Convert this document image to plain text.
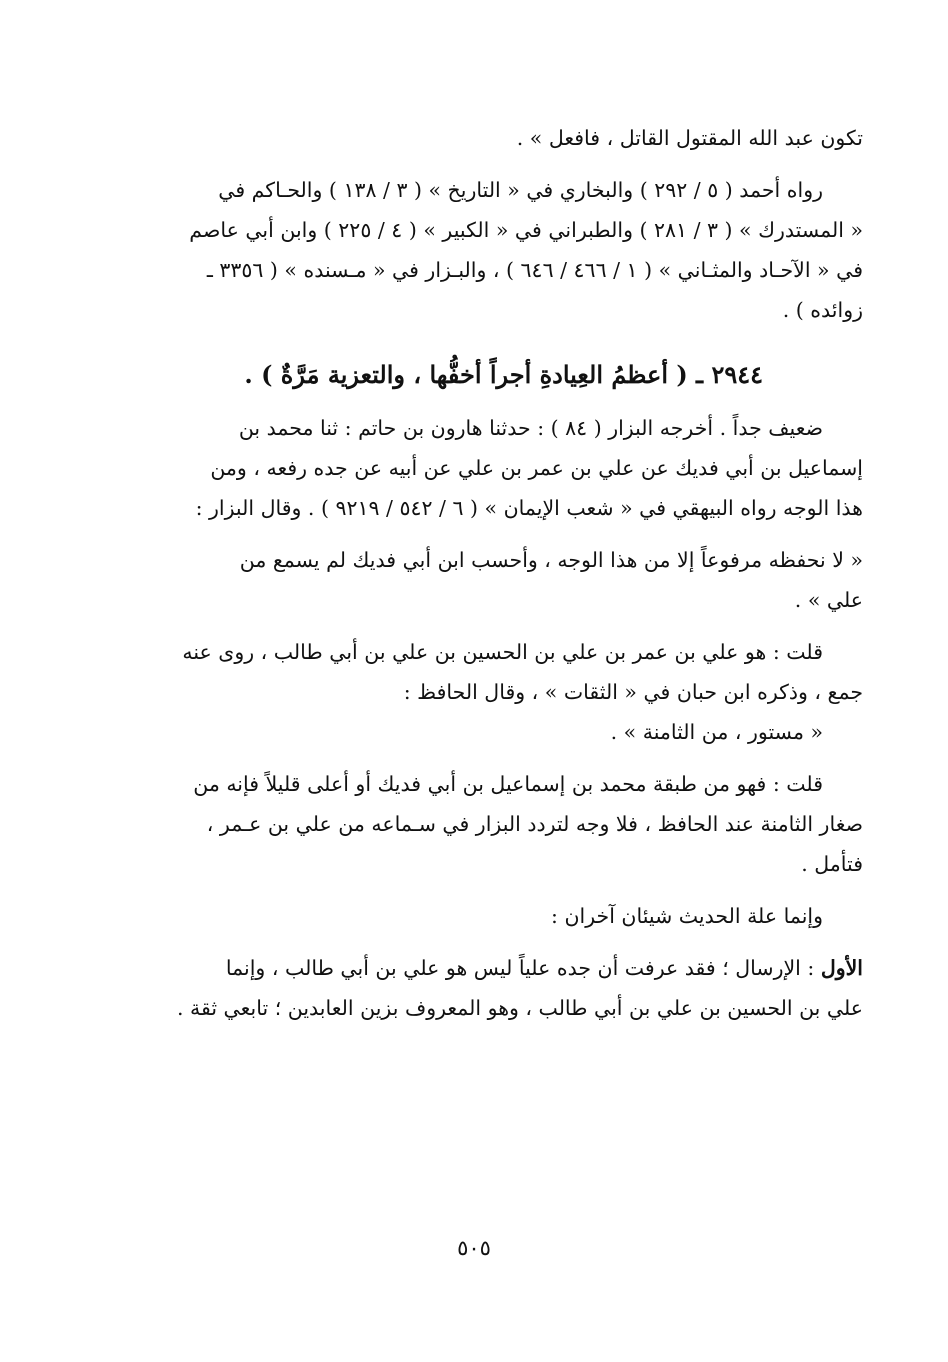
تكون عبد الله المقتول القاتل ، فافعل » .

رواه أحمد ( ٥ / ٢٩٢ ) والبخاري في « التاريخ » ( ٣ / ١٣٨ ) والحـاكم في

« المستدرك » ( ٣ / ٢٨١ ) والطبراني في « الكبير » ( ٤ / ٢٢٥ ) وابن أبي عاصم

في « الآحـاد والمثـاني » ( ١ / ٤٦٦ / ٦٤٦ ) ، والبـزار في « مـسنده » ( ٣٣٥٦ ـ

زوائده ) .

٢٩٤٤ ـ ( أعظمُ العِيادةِ أجراً أخفُّها ، والتعزية مَرَّةٌ ) .

ضعيف جداً . أخرجه البزار ( ٨٤ ) : حدثنا هارون بن حاتم : ثنا محمد بن

إسماعيل بن أبي فديك عن علي بن عمر بن علي عن أبيه عن جده رفعه ، ومن

هذا الوجه رواه البيهقي في « شعب الإيمان » ( ٦ / ٥٤٢ / ٩٢١٩ ) . وقال البزار :

« لا نحفظه مرفوعاً إلا من هذا الوجه ، وأحسب ابن أبي فديك لم يسمع من

علي » .

قلت : هو علي بن عمر بن علي بن الحسين بن علي بن أبي طالب ، روى عنه

جمع ، وذكره ابن حبان في « الثقات » ، وقال الحافظ :

« مستور ، من الثامنة » .

قلت : فهو من طبقة محمد بن إسماعيل بن أبي فديك أو أعلى قليلاً فإنه من

صغار الثامنة عند الحافظ ، فلا وجه لتردد البزار في سـماعه من علي بن عـمر ،

فتأمل .

وإنما علة الحديث شيئان آخران :

الأول : الإرسال ؛ فقد عرفت أن جده علياً ليس هو علي بن أبي طالب ، وإنما

علي بن الحسين بن علي بن أبي طالب ، وهو المعروف بزين العابدين ؛ تابعي ثقة .

٥٠٥
